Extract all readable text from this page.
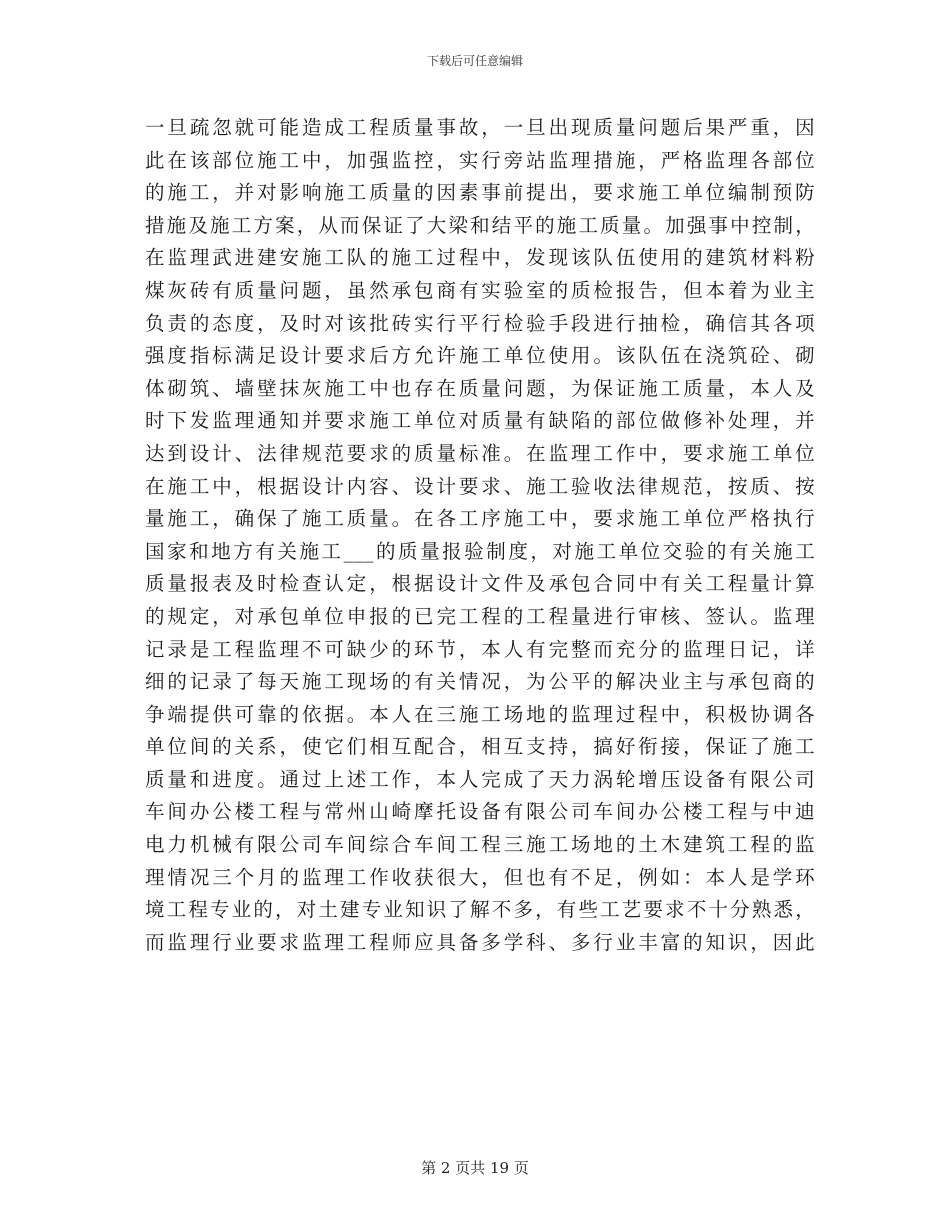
下载后可任意编辑
一旦疏忽就可能造成工程质量事故，一旦出现质量问题后果严重，因
此在该部位施工中，加强监控，实行旁站监理措施，严格监理各部位
的施工，并对影响施工质量的因素事前提出，要求施工单位编制预防
措施及施工方案，从而保证了大梁和结平的施工质量。加强事中控制，
在监理武进建安施工队的施工过程中，发现该队伍使用的建筑材料粉
煤灰砖有质量问题，虽然承包商有实验室的质检报告，但本着为业主
负责的态度，及时对该批砖实行平行检验手段进行抽检，确信其各项
强度指标满足设计要求后方允许施工单位使用。该队伍在浇筑砼、砌
体砌筑、墙壁抹灰施工中也存在质量问题，为保证施工质量，本人及
时下发监理通知并要求施工单位对质量有缺陷的部位做修补处理，并
达到设计、法律规范要求的质量标准。在监理工作中，要求施工单位
在施工中，根据设计内容、设计要求、施工验收法律规范，按质、按
量施工，确保了施工质量。在各工序施工中，要求施工单位严格执行
国家和地方有关施工___的质量报验制度，对施工单位交验的有关施工
质量报表及时检查认定，根据设计文件及承包合同中有关工程量计算
的规定，对承包单位申报的已完工程的工程量进行审核、签认。监理
记录是工程监理不可缺少的环节，本人有完整而充分的监理日记，详
细的记录了每天施工现场的有关情况，为公平的解决业主与承包商的
争端提供可靠的依据。本人在三施工场地的监理过程中，积极协调各
单位间的关系，使它们相互配合，相互支持，搞好衔接，保证了施工
质量和进度。通过上述工作，本人完成了天力涡轮增压设备有限公司
车间办公楼工程与常州山崎摩托设备有限公司车间办公楼工程与中迪
电力机械有限公司车间综合车间工程三施工场地的土木建筑工程的监
理情况三个月的监理工作收获很大，但也有不足，例如：本人是学环
境工程专业的，对土建专业知识了解不多，有些工艺要求不十分熟悉，
而监理行业要求监理工程师应具备多学科、多行业丰富的知识，因此
第 2 页共 19 页
